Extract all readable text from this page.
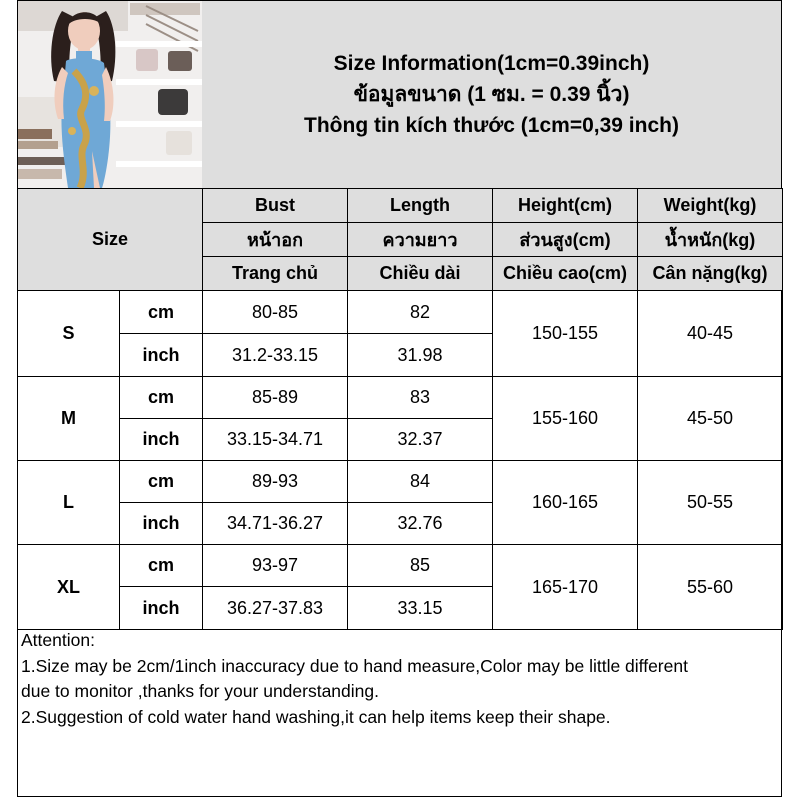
Size Information(1cm=0.39inch)
ข้อมูลขนาด (1 ซม. = 0.39 นิ้ว)
Thông tin kích thước (1cm=0,39 inch)
Size		Bust	Length	Height(cm)	Weight(kg)
		หน้าอก	ความยาว	ส่วนสูง(cm)	น้ำหนัก(kg)
		Trang chủ	Chiều dài	Chiều cao(cm)	Cân nặng(kg)
S	cm	80-85	82	150-155	40-45
	inch	31.2-33.15	31.98		
M	cm	85-89	83	155-160	45-50
	inch	33.15-34.71	32.37		
L	cm	89-93	84	160-165	50-55
	inch	34.71-36.27	32.76		
XL	cm	93-97	85	165-170	55-60
	inch	36.27-37.83	33.15		
Attention:
1.Size may be 2cm/1inch inaccuracy due to hand measure,Color may be little different
due to monitor ,thanks for your understanding.
2.Suggestion of cold water hand washing,it can help items keep their shape.
